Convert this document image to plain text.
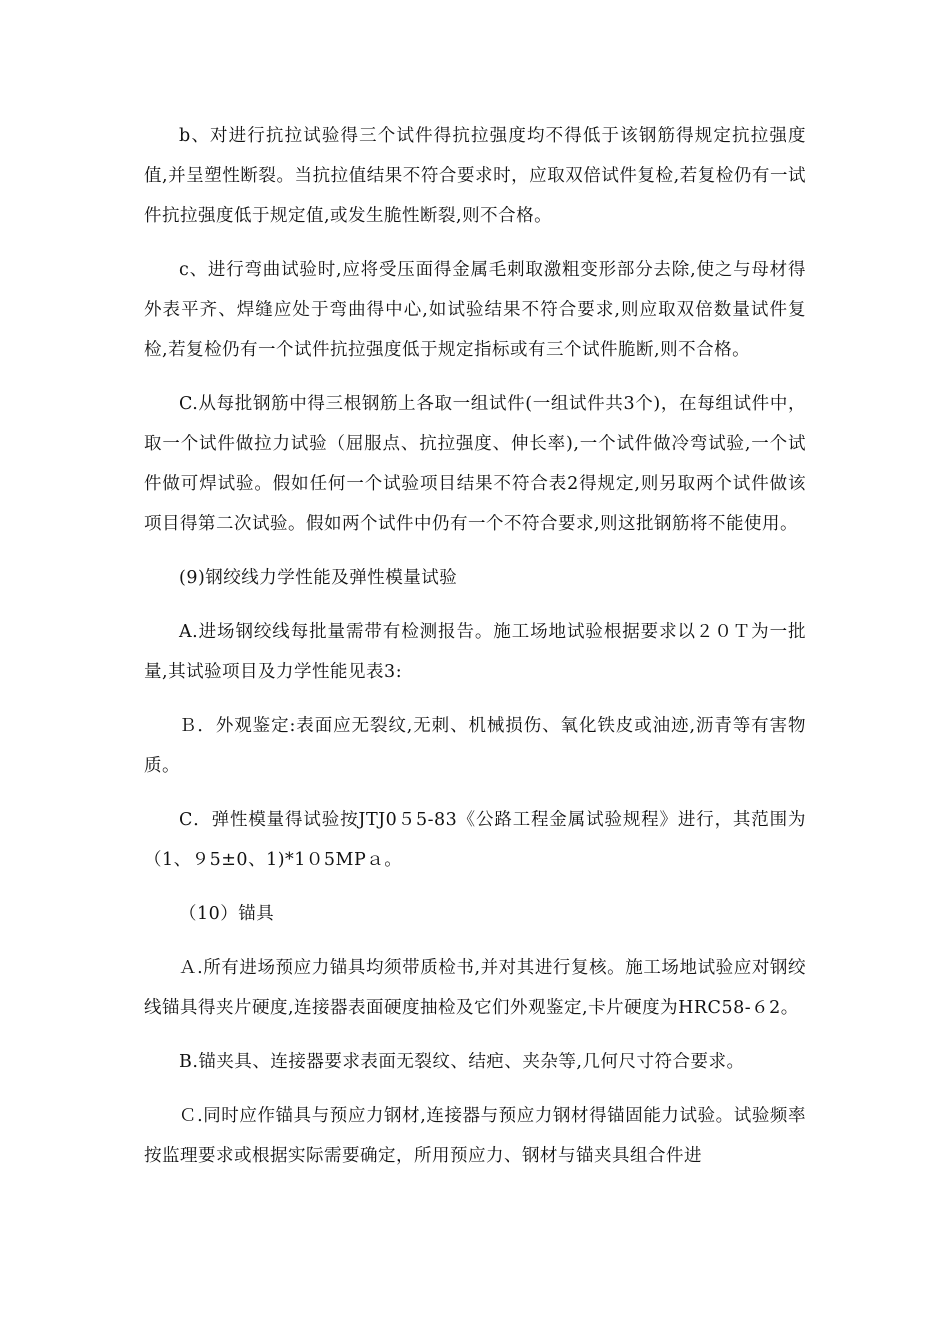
b、对进行抗拉试验得三个试件得抗拉强度均不得低于该钢筋得规定抗拉强度值,并呈塑性断裂。当抗拉值结果不符合要求时，应取双倍试件复检,若复检仍有一试件抗拉强度低于规定值,或发生脆性断裂,则不合格。

c、进行弯曲试验时,应将受压面得金属毛刺取激粗变形部分去除,使之与母材得外表平齐、焊缝应处于弯曲得中心,如试验结果不符合要求,则应取双倍数量试件复检,若复检仍有一个试件抗拉强度低于规定指标或有三个试件脆断,则不合格。

C.从每批钢筋中得三根钢筋上各取一组试件(一组试件共3个)，在每组试件中，取一个试件做拉力试验（屈服点、抗拉强度、伸长率),一个试件做冷弯试验,一个试件做可焊试验。假如任何一个试验项目结果不符合表2得规定,则另取两个试件做该项目得第二次试验。假如两个试件中仍有一个不符合要求,则这批钢筋将不能使用。

(9)钢绞线力学性能及弹性模量试验

A.进场钢绞线每批量需带有检测报告。施工场地试验根据要求以２０Ｔ为一批量,其试验项目及力学性能见表3:

Ｂ．外观鉴定:表面应无裂纹,无刺、机械损伤、氧化铁皮或油迹,沥青等有害物质。

C．弹性模量得试验按JTJ0５5-83《公路工程金属试验规程》进行，其范围为（1、９5±0、1)*1０5MPａ。

（10）锚具

Ａ.所有进场预应力锚具均须带质检书,并对其进行复核。施工场地试验应对钢绞线锚具得夹片硬度,连接器表面硬度抽检及它们外观鉴定,卡片硬度为HRC58-６2。

B.锚夹具、连接器要求表面无裂纹、结疤、夹杂等,几何尺寸符合要求。

Ｃ.同时应作锚具与预应力钢材,连接器与预应力钢材得锚固能力试验。试验频率按监理要求或根据实际需要确定，所用预应力、钢材与锚夹具组合件进
